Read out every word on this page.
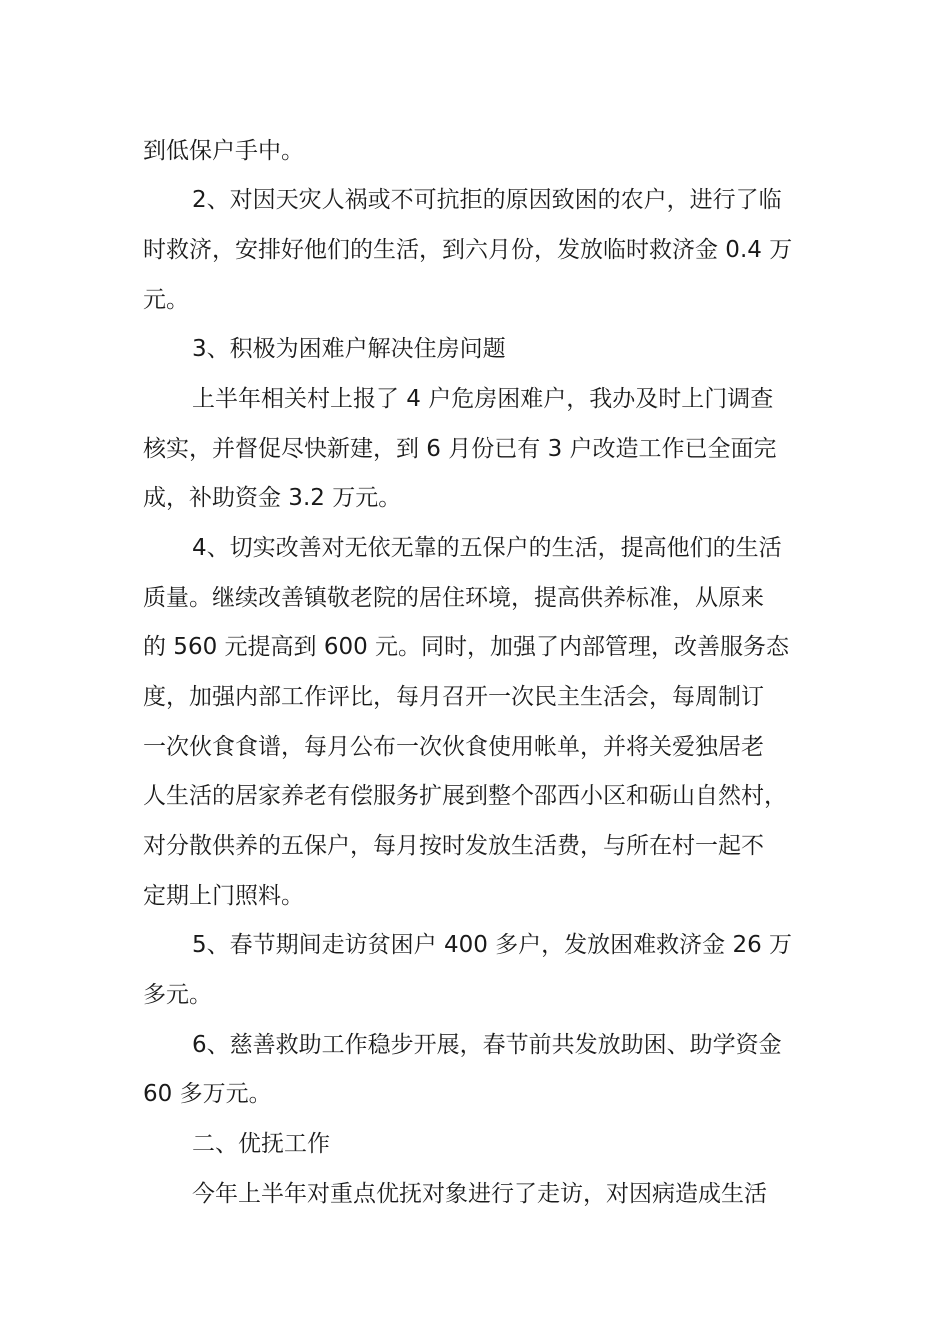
到低保户手中。
2、对因天灾人祸或不可抗拒的原因致困的农户，进行了临
时救济，安排好他们的生活，到六月份，发放临时救济金 0.4 万
元。
3、积极为困难户解决住房问题
上半年相关村上报了 4 户危房困难户，我办及时上门调查
核实，并督促尽快新建，到 6 月份已有 3 户改造工作已全面完
成，补助资金 3.2 万元。
4、切实改善对无依无靠的五保户的生活，提高他们的生活
质量。继续改善镇敬老院的居住环境，提高供养标准，从原来
的 560 元提高到 600 元。同时，加强了内部管理，改善服务态
度，加强内部工作评比，每月召开一次民主生活会，每周制订
一次伙食食谱，每月公布一次伙食使用帐单，并将关爱独居老
人生活的居家养老有偿服务扩展到整个邵西小区和砺山自然村，
对分散供养的五保户，每月按时发放生活费，与所在村一起不
定期上门照料。
5、春节期间走访贫困户 400 多户，发放困难救济金 26 万
多元。
6、慈善救助工作稳步开展，春节前共发放助困、助学资金
60 多万元。
二、优抚工作
今年上半年对重点优抚对象进行了走访，对因病造成生活
